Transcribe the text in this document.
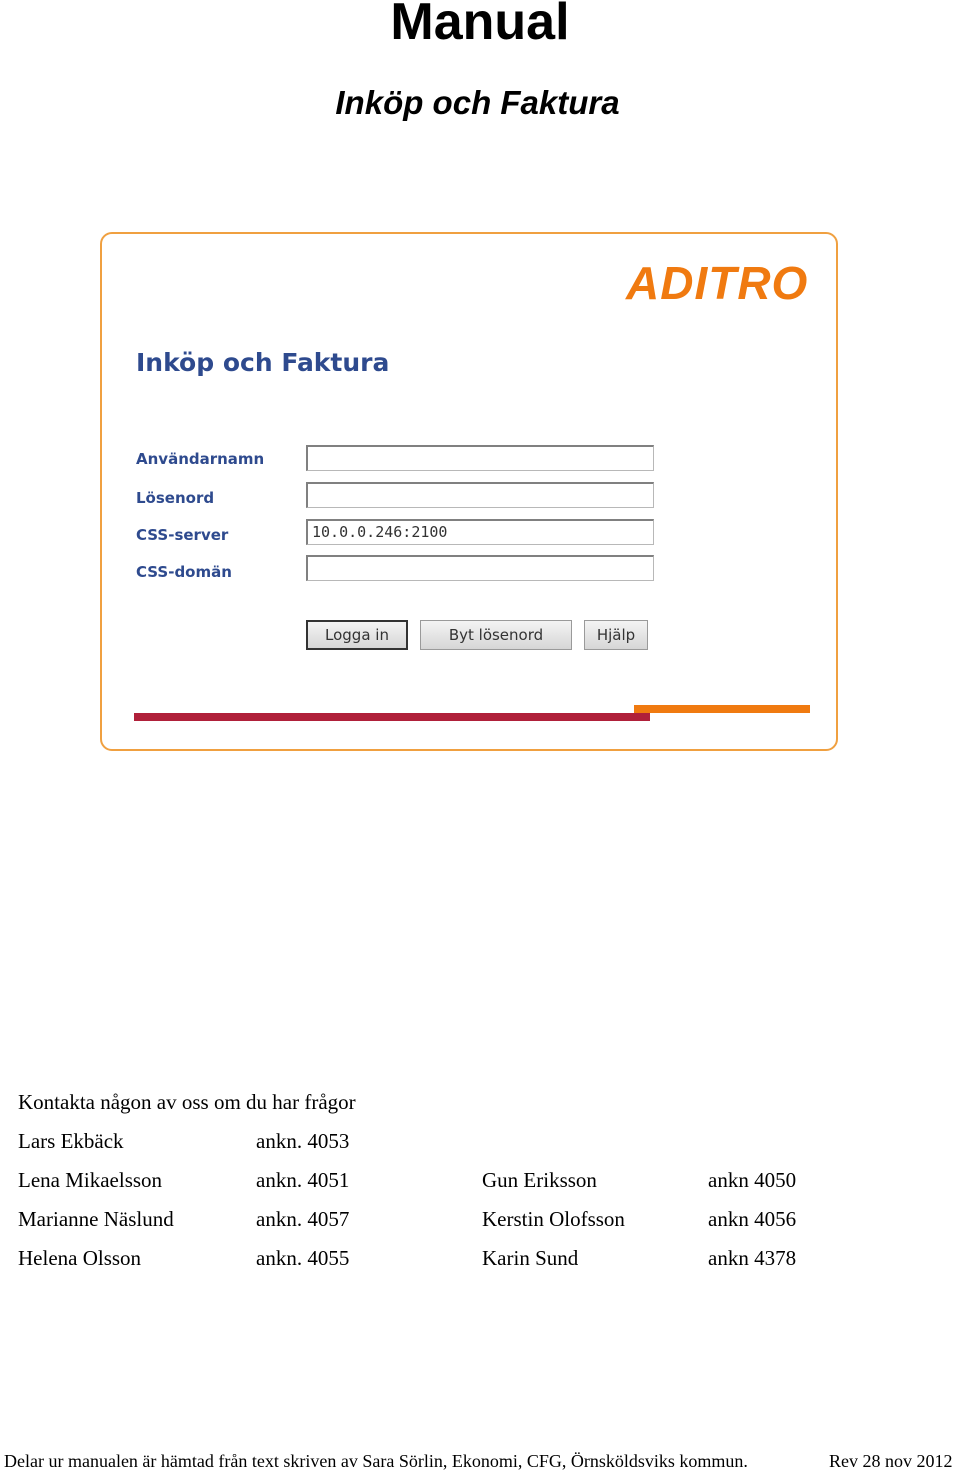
Manual
Inköp och Faktura
ADITRO
Inköp och Faktura
Användarnamn
Lösenord
CSS-server	10.0.0.246:2100
CSS-domän
Logga in	Byt lösenord	Hjälp
Kontakta någon av oss om du har frågor
Lars Ekbäck	ankn. 4053
Lena Mikaelsson	ankn. 4051	Gun Eriksson	ankn 4050
Marianne Näslund	ankn. 4057	Kerstin Olofsson	ankn 4056
Helena Olsson	ankn. 4055	Karin Sund	ankn 4378
Delar ur manualen är hämtad från text skriven av Sara Sörlin, Ekonomi, CFG, Örnsköldsviks kommun.	Rev 28 nov 2012
